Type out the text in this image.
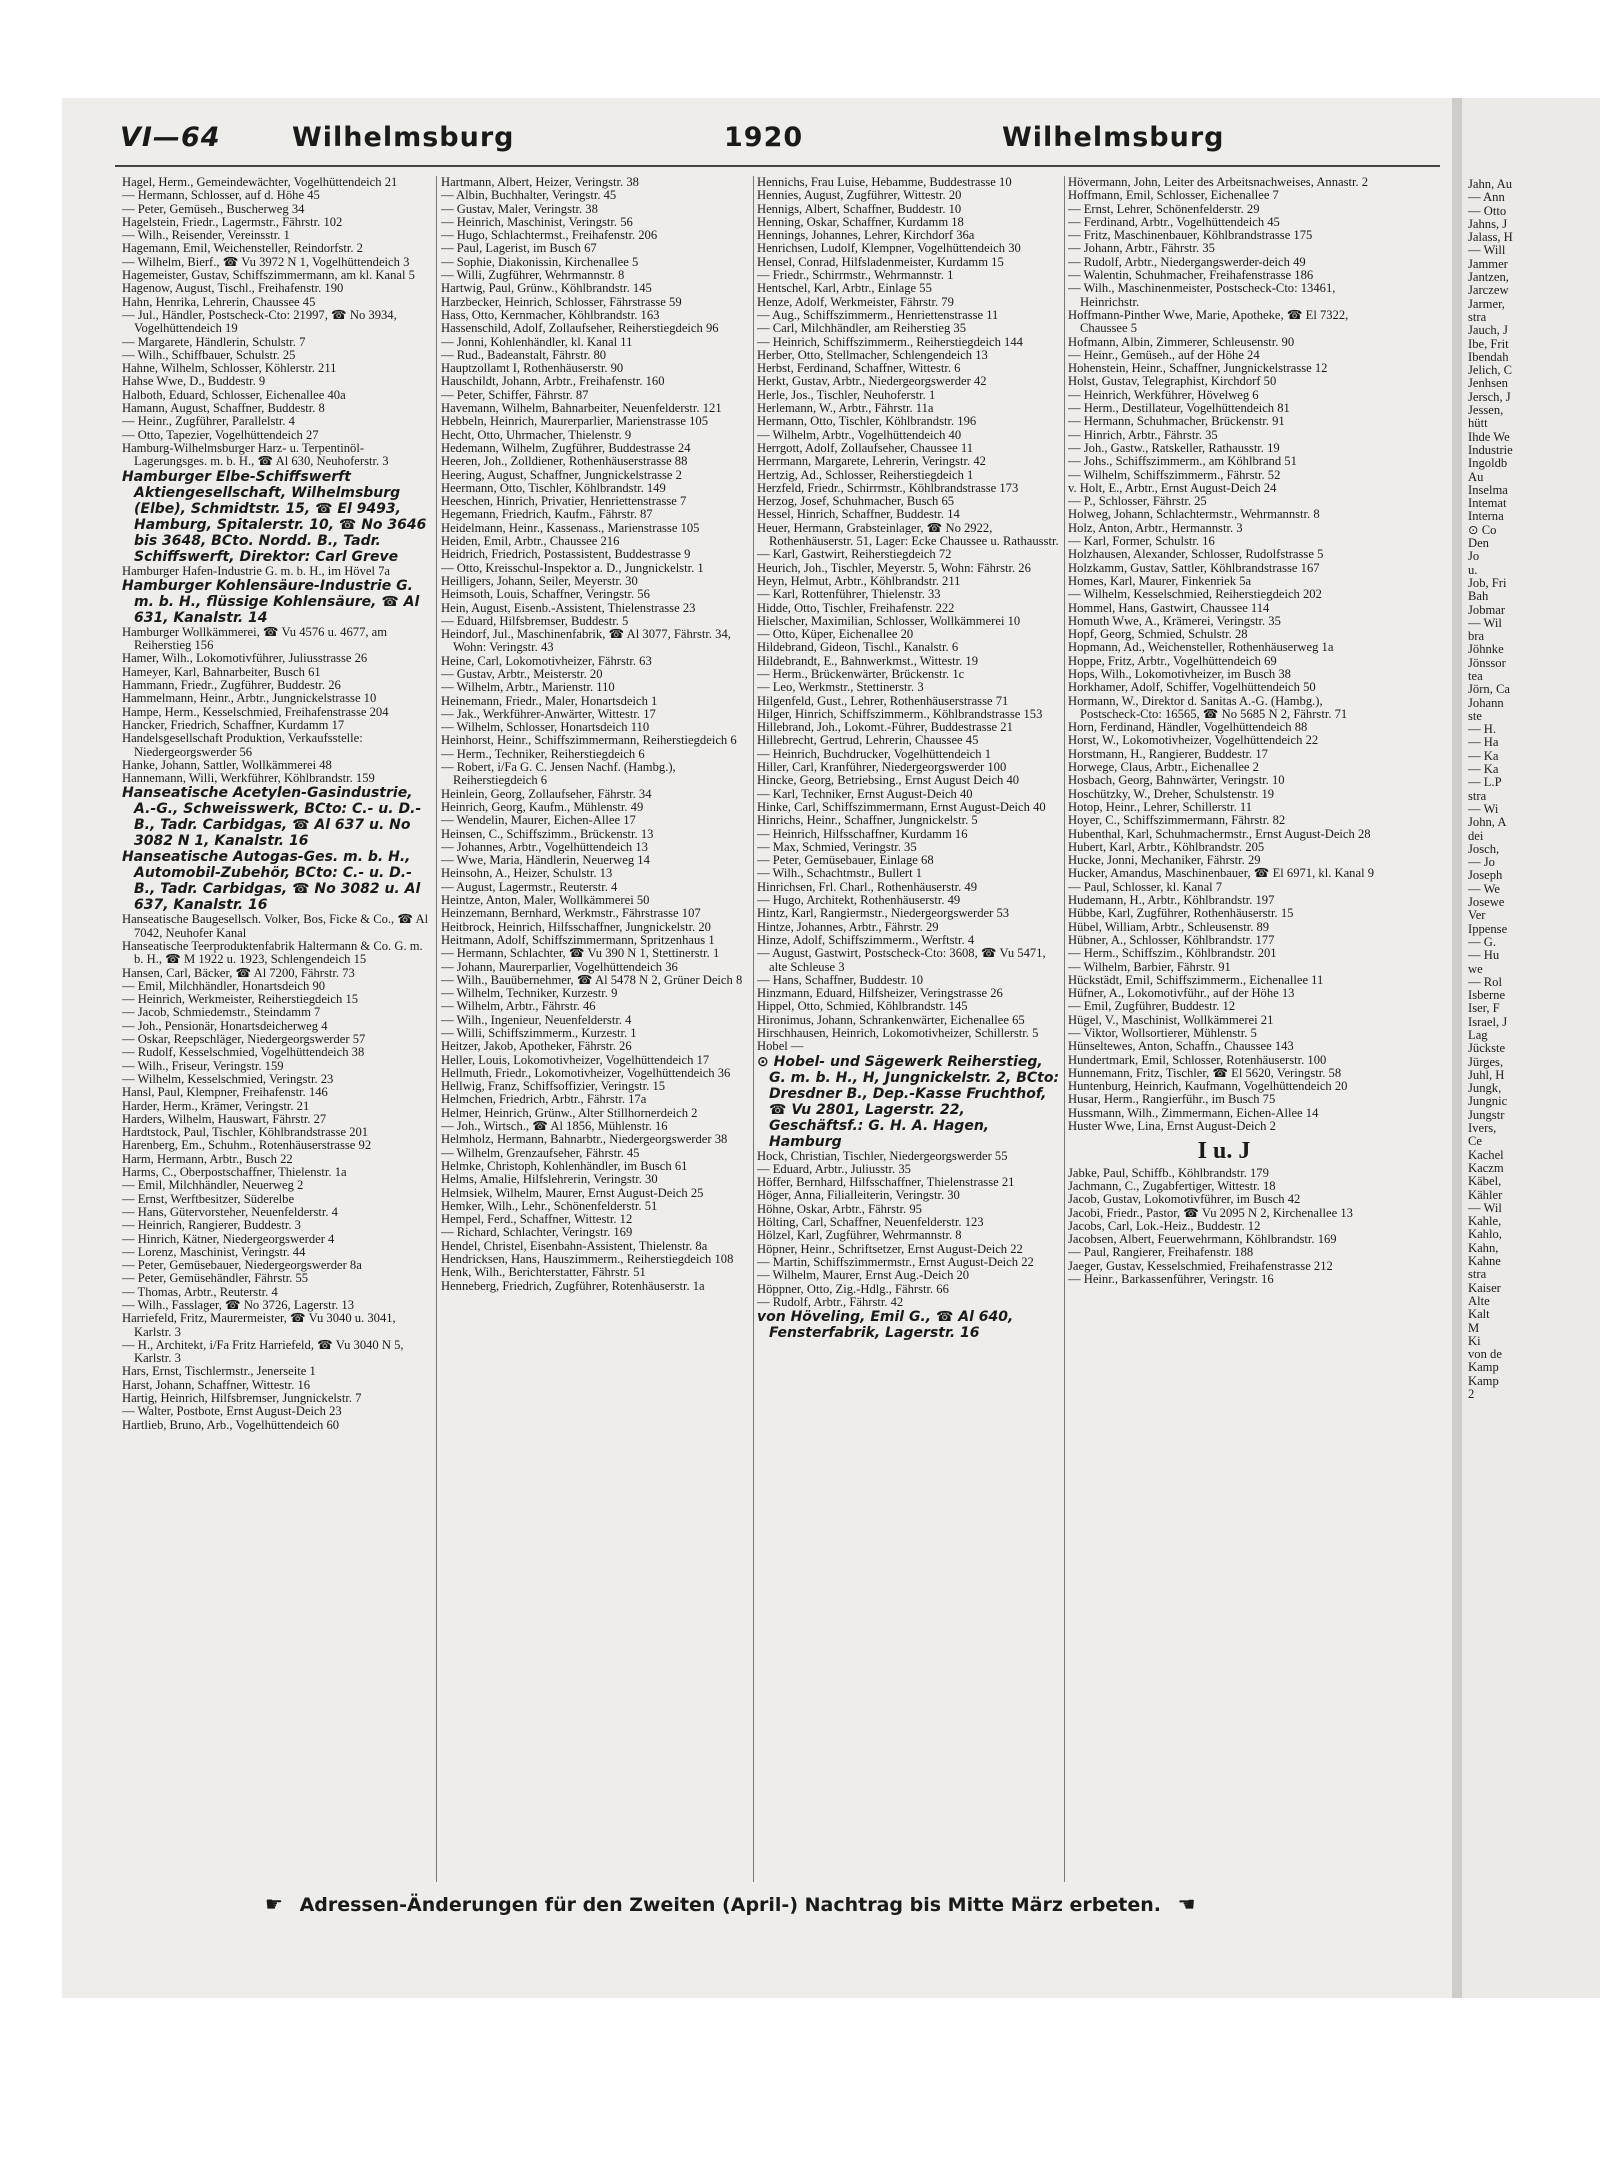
Jahn, Au
— Ann
— Otto
Jahns, J
Jalass, H
— Will
Jammer
Jantzen,
Jarczew
Jarmer,
stra
Jauch, J
Ibe, Frit
Ibendah
Jelich, C
Jenhsen
Jersch, J
Jessen,
hütt
Ihde We
Industrie
Ingoldb
Au
Inselma
Intemat
Interna
⊙ Co
Den
Jo
u.
Job, Fri
Bah
Jobmar
— Wil
bra
Jöhnke
Jönssor
tea
Jörn, Ca
Johann
ste
— H.
— Ha
— Ka
— Ka
— L.P
stra
— Wi
John, A
dei
Josch,
— Jo
Joseph
— We
Josewe
Ver
Ippense
— G.
— Hu
we
— Rol
Isberne
Iser, F
Israel, J
Lag
Jückste
Jürges,
Juhl, H
Jungk,
Jungnic
Jungstr
Ivers,
Ce
Kachel
Kaczm
Käbel,
Kähler
— Wil
Kahle,
Kahlo,
Kahn,
Kahne
stra
Kaiser
Alte
Kalt
M
Ki
von de
Kamp
Kamp
2
VI—64	Wilhelmsburg	1920	Wilhelmsburg
Hagel, Herm., Gemeindewächter, Vogelhüttendeich 21
— Hermann, Schlosser, auf d. Höhe 45
— Peter, Gemüseh., Buscherweg 34
Hagelstein, Friedr., Lagermstr., Fährstr. 102
— Wilh., Reisender, Vereinsstr. 1
Hagemann, Emil, Weichensteller, Reindorfstr. 2
— Wilhelm, Bierf., ☎ Vu 3972 N 1, Vogelhüttendeich 3
Hagemeister, Gustav, Schiffszimmermann, am kl. Kanal 5
Hagenow, August, Tischl., Freihafenstr. 190
Hahn, Henrika, Lehrerin, Chaussee 45
— Jul., Händler, Postscheck-Cto: 21997, ☎ No 3934, Vogelhüttendeich 19
— Margarete, Händlerin, Schulstr. 7
— Wilh., Schiffbauer, Schulstr. 25
Hahne, Wilhelm, Schlosser, Köhlerstr. 211
Hahse Wwe, D., Buddestr. 9
Halboth, Eduard, Schlosser, Eichenallee 40a
Hamann, August, Schaffner, Buddestr. 8
— Heinr., Zugführer, Parallelstr. 4
— Otto, Tapezier, Vogelhüttendeich 27
Hamburg-Wilhelmsburger Harz- u. Terpentinöl-Lagerungsges. m. b. H., ☎ Al 630, Neuhoferstr. 3
Hamburger Elbe-Schiffswerft Aktiengesellschaft, Wilhelmsburg (Elbe), Schmidtstr. 15, ☎ El 9493, Hamburg, Spitalerstr. 10, ☎ No 3646 bis 3648, BCto. Nordd. B., Tadr. Schiffswerft, Direktor: Carl Greve
Hamburger Hafen-Industrie G. m. b. H., im Hövel 7a
Hamburger Kohlensäure-Industrie G. m. b. H., flüssige Kohlensäure, ☎ Al 631, Kanalstr. 14
Hamburger Wollkämmerei, ☎ Vu 4576 u. 4677, am Reiherstieg 156
Hamer, Wilh., Lokomotivführer, Juliusstrasse 26
Hameyer, Karl, Bahnarbeiter, Busch 61
Hammann, Friedr., Zugführer, Buddestr. 26
Hammelmann, Heinr., Arbtr., Jungnickelstrasse 10
Hampe, Herm., Kesselschmied, Freihafenstrasse 204
Hancker, Friedrich, Schaffner, Kurdamm 17
Handelsgesellschaft Produktion, Verkaufsstelle: Niedergeorgswerder 56
Hanke, Johann, Sattler, Wollkämmerei 48
Hannemann, Willi, Werkführer, Köhlbrandstr. 159
Hanseatische Acetylen-Gasindustrie, A.-G., Schweisswerk, BCto: C.- u. D.-B., Tadr. Carbidgas, ☎ Al 637 u. No 3082 N 1, Kanalstr. 16
Hanseatische Autogas-Ges. m. b. H., Automobil-Zubehör, BCto: C.- u. D.-B., Tadr. Carbidgas, ☎ No 3082 u. Al 637, Kanalstr. 16
Hanseatische Baugesellsch. Volker, Bos, Ficke & Co., ☎ Al 7042, Neuhofer Kanal
Hanseatische Teerproduktenfabrik Haltermann & Co. G. m. b. H., ☎ M 1922 u. 1923, Schlengendeich 15
Hansen, Carl, Bäcker, ☎ Al 7200, Fährstr. 73
— Emil, Milchhändler, Honartsdeich 90
— Heinrich, Werkmeister, Reiherstiegdeich 15
— Jacob, Schmiedemstr., Steindamm 7
— Joh., Pensionär, Honartsdeicherweg 4
— Oskar, Reepschläger, Niedergeorgswerder 57
— Rudolf, Kesselschmied, Vogelhüttendeich 38
— Wilh., Friseur, Veringstr. 159
— Wilhelm, Kesselschmied, Veringstr. 23
Hansl, Paul, Klempner, Freihafenstr. 146
Harder, Herm., Krämer, Veringstr. 21
Harders, Wilhelm, Hauswart, Fährstr. 27
Hardtstock, Paul, Tischler, Köhlbrandstrasse 201
Harenberg, Em., Schuhm., Rotenhäuserstrasse 92
Harm, Hermann, Arbtr., Busch 22
Harms, C., Oberpostschaffner, Thielenstr. 1a
— Emil, Milchhändler, Neuerweg 2
— Ernst, Werftbesitzer, Süderelbe
— Hans, Gütervorsteher, Neuenfelderstr. 4
— Heinrich, Rangierer, Buddestr. 3
— Hinrich, Kätner, Niedergeorgswerder 4
— Lorenz, Maschinist, Veringstr. 44
— Peter, Gemüsebauer, Niedergeorgswerder 8a
— Peter, Gemüsehändler, Fährstr. 55
— Thomas, Arbtr., Reuterstr. 4
— Wilh., Fasslager, ☎ No 3726, Lagerstr. 13
Harriefeld, Fritz, Maurermeister, ☎ Vu 3040 u. 3041, Karlstr. 3
— H., Architekt, i/Fa Fritz Harriefeld, ☎ Vu 3040 N 5, Karlstr. 3
Hars, Ernst, Tischlermstr., Jenerseite 1
Harst, Johann, Schaffner, Wittestr. 16
Hartig, Heinrich, Hilfsbremser, Jungnickelstr. 7
— Walter, Postbote, Ernst August-Deich 23
Hartlieb, Bruno, Arb., Vogelhüttendeich 60
Hartmann, Albert, Heizer, Veringstr. 38
— Albin, Buchhalter, Veringstr. 45
— Gustav, Maler, Veringstr. 38
— Heinrich, Maschinist, Veringstr. 56
— Hugo, Schlachtermst., Freihafenstr. 206
— Paul, Lagerist, im Busch 67
— Sophie, Diakonissin, Kirchenallee 5
— Willi, Zugführer, Wehrmannstr. 8
Hartwig, Paul, Grünw., Köhlbrandstr. 145
Harzbecker, Heinrich, Schlosser, Fährstrasse 59
Hass, Otto, Kernmacher, Köhlbrandstr. 163
Hassenschild, Adolf, Zollaufseher, Reiherstiegdeich 96
— Jonni, Kohlenhändler, kl. Kanal 11
— Rud., Badeanstalt, Fährstr. 80
Hauptzollamt I, Rothenhäuserstr. 90
Hauschildt, Johann, Arbtr., Freihafenstr. 160
— Peter, Schiffer, Fährstr. 87
Havemann, Wilhelm, Bahnarbeiter, Neuenfelderstr. 121
Hebbeln, Heinrich, Maurerparlier, Marienstrasse 105
Hecht, Otto, Uhrmacher, Thielenstr. 9
Hedemann, Wilhelm, Zugführer, Buddestrasse 24
Heeren, Joh., Zolldiener, Rothenhäuserstrasse 88
Heering, August, Schaffner, Jungnickelstrasse 2
Heermann, Otto, Tischler, Köhlbrandstr. 149
Heeschen, Hinrich, Privatier, Henriettenstrasse 7
Hegemann, Friedrich, Kaufm., Fährstr. 87
Heidelmann, Heinr., Kassenass., Marienstrasse 105
Heiden, Emil, Arbtr., Chaussee 216
Heidrich, Friedrich, Postassistent, Buddestrasse 9
— Otto, Kreisschul-Inspektor a. D., Jungnickelstr. 1
Heilligers, Johann, Seiler, Meyerstr. 30
Heimsoth, Louis, Schaffner, Veringstr. 56
Hein, August, Eisenb.-Assistent, Thielenstrasse 23
— Eduard, Hilfsbremser, Buddestr. 5
Heindorf, Jul., Maschinenfabrik, ☎ Al 3077, Fährstr. 34, Wohn: Veringstr. 43
Heine, Carl, Lokomotivheizer, Fährstr. 63
— Gustav, Arbtr., Meisterstr. 20
— Wilhelm, Arbtr., Marienstr. 110
Heinemann, Friedr., Maler, Honartsdeich 1
— Jak., Werkführer-Anwärter, Wittestr. 17
— Wilhelm, Schlosser, Honartsdeich 110
Heinhorst, Heinr., Schiffszimmermann, Reiherstiegdeich 6
— Herm., Techniker, Reiherstiegdeich 6
— Robert, i/Fa G. C. Jensen Nachf. (Hambg.), Reiherstiegdeich 6
Heinlein, Georg, Zollaufseher, Fährstr. 34
Heinrich, Georg, Kaufm., Mühlenstr. 49
— Wendelin, Maurer, Eichen-Allee 17
Heinsen, C., Schiffszimm., Brückenstr. 13
— Johannes, Arbtr., Vogelhüttendeich 13
— Wwe, Maria, Händlerin, Neuerweg 14
Heinsohn, A., Heizer, Schulstr. 13
— August, Lagermstr., Reuterstr. 4
Heintze, Anton, Maler, Wollkämmerei 50
Heinzemann, Bernhard, Werkmstr., Fährstrasse 107
Heitbrock, Heinrich, Hilfsschaffner, Jungnickelstr. 20
Heitmann, Adolf, Schiffszimmermann, Spritzenhaus 1
— Hermann, Schlachter, ☎ Vu 390 N 1, Stettinerstr. 1
— Johann, Maurerparlier, Vogelhüttendeich 36
— Wilh., Bauübernehmer, ☎ Al 5478 N 2, Grüner Deich 8
— Wilhelm, Techniker, Kurzestr. 9
— Wilhelm, Arbtr., Fährstr. 46
— Wilh., Ingenieur, Neuenfelderstr. 4
— Willi, Schiffszimmerm., Kurzestr. 1
Heitzer, Jakob, Apotheker, Fährstr. 26
Heller, Louis, Lokomotivheizer, Vogelhüttendeich 17
Hellmuth, Friedr., Lokomotivheizer, Vogelhüttendeich 36
Hellwig, Franz, Schiffsoffizier, Veringstr. 15
Helmchen, Friedrich, Arbtr., Fährstr. 17a
Helmer, Heinrich, Grünw., Alter Stillhornerdeich 2
— Joh., Wirtsch., ☎ Al 1856, Mühlenstr. 16
Helmholz, Hermann, Bahnarbtr., Niedergeorgswerder 38
— Wilhelm, Grenzaufseher, Fährstr. 45
Helmke, Christoph, Kohlenhändler, im Busch 61
Helms, Amalie, Hilfslehrerin, Veringstr. 30
Helmsiek, Wilhelm, Maurer, Ernst August-Deich 25
Hemker, Wilh., Lehr., Schönenfelderstr. 51
Hempel, Ferd., Schaffner, Wittestr. 12
— Richard, Schlachter, Veringstr. 169
Hendel, Christel, Eisenbahn-Assistent, Thielenstr. 8a
Hendricksen, Hans, Hauszimmerm., Reiherstiegdeich 108
Henk, Wilh., Berichterstatter, Fährstr. 51
Henneberg, Friedrich, Zugführer, Rotenhäuserstr. 1a
Hennichs, Frau Luise, Hebamme, Buddestrasse 10
Hennies, August, Zugführer, Wittestr. 20
Hennigs, Albert, Schaffner, Buddestr. 10
Henning, Oskar, Schaffner, Kurdamm 18
Hennings, Johannes, Lehrer, Kirchdorf 36a
Henrichsen, Ludolf, Klempner, Vogelhüttendeich 30
Hensel, Conrad, Hilfsladenmeister, Kurdamm 15
— Friedr., Schirrmstr., Wehrmannstr. 1
Hentschel, Karl, Arbtr., Einlage 55
Henze, Adolf, Werkmeister, Fährstr. 79
— Aug., Schiffszimmerm., Henriettenstrasse 11
— Carl, Milchhändler, am Reiherstieg 35
— Heinrich, Schiffszimmerm., Reiherstiegdeich 144
Herber, Otto, Stellmacher, Schlengendeich 13
Herbst, Ferdinand, Schaffner, Wittestr. 6
Herkt, Gustav, Arbtr., Niedergeorgswerder 42
Herle, Jos., Tischler, Neuhoferstr. 1
Herlemann, W., Arbtr., Fährstr. 11a
Hermann, Otto, Tischler, Köhlbrandstr. 196
— Wilhelm, Arbtr., Vogelhüttendeich 40
Herrgott, Adolf, Zollaufseher, Chaussee 11
Herrmann, Margarete, Lehrerin, Veringstr. 42
Hertzig, Ad., Schlosser, Reiherstiegdeich 1
Herzfeld, Friedr., Schirrmstr., Köhlbrandstrasse 173
Herzog, Josef, Schuhmacher, Busch 65
Hessel, Hinrich, Schaffner, Buddestr. 14
Heuer, Hermann, Grabsteinlager, ☎ No 2922, Rothenhäuserstr. 51, Lager: Ecke Chaussee u. Rathausstr.
— Karl, Gastwirt, Reiherstiegdeich 72
Heurich, Joh., Tischler, Meyerstr. 5, Wohn: Fährstr. 26
Heyn, Helmut, Arbtr., Köhlbrandstr. 211
— Karl, Rottenführer, Thielenstr. 33
Hidde, Otto, Tischler, Freihafenstr. 222
Hielscher, Maximilian, Schlosser, Wollkämmerei 10
— Otto, Küper, Eichenallee 20
Hildebrand, Gideon, Tischl., Kanalstr. 6
Hildebrandt, E., Bahnwerkmst., Wittestr. 19
— Herm., Brückenwärter, Brückenstr. 1c
— Leo, Werkmstr., Stettinerstr. 3
Hilgenfeld, Gust., Lehrer, Rothenhäuserstrasse 71
Hilger, Hinrich, Schiffszimmerm., Köhlbrandstrasse 153
Hillebrand, Joh., Lokomt.-Führer, Buddestrasse 21
Hillebrecht, Gertrud, Lehrerin, Chaussee 45
— Heinrich, Buchdrucker, Vogelhüttendeich 1
Hiller, Carl, Kranführer, Niedergeorgswerder 100
Hincke, Georg, Betriebsing., Ernst August Deich 40
— Karl, Techniker, Ernst August-Deich 40
Hinke, Carl, Schiffszimmermann, Ernst August-Deich 40
Hinrichs, Heinr., Schaffner, Jungnickelstr. 5
— Heinrich, Hilfsschaffner, Kurdamm 16
— Max, Schmied, Veringstr. 35
— Peter, Gemüsebauer, Einlage 68
— Wilh., Schachtmstr., Bullert 1
Hinrichsen, Frl. Charl., Rothenhäuserstr. 49
— Hugo, Architekt, Rothenhäuserstr. 49
Hintz, Karl, Rangiermstr., Niedergeorgswerder 53
Hintze, Johannes, Arbtr., Fährstr. 29
Hinze, Adolf, Schiffszimmerm., Werftstr. 4
— August, Gastwirt, Postscheck-Cto: 3608, ☎ Vu 5471, alte Schleuse 3
— Hans, Schaffner, Buddestr. 10
Hinzmann, Eduard, Hilfsheizer, Veringstrasse 26
Hippel, Otto, Schmied, Köhlbrandstr. 145
Hironimus, Johann, Schrankenwärter, Eichenallee 65
Hirschhausen, Heinrich, Lokomotivheizer, Schillerstr. 5
Hobel —
⊙ Hobel- und Sägewerk Reiherstieg, G. m. b. H., H, Jungnickelstr. 2, BCto: Dresdner B., Dep.-Kasse Fruchthof, ☎ Vu 2801, Lagerstr. 22, Geschäftsf.: G. H. A. Hagen, Hamburg
Hock, Christian, Tischler, Niedergeorgswerder 55
— Eduard, Arbtr., Juliusstr. 35
Höffer, Bernhard, Hilfsschaffner, Thielenstrasse 21
Höger, Anna, Filialleiterin, Veringstr. 30
Höhne, Oskar, Arbtr., Fährstr. 95
Hölting, Carl, Schaffner, Neuenfelderstr. 123
Hölzel, Karl, Zugführer, Wehrmannstr. 8
Höpner, Heinr., Schriftsetzer, Ernst August-Deich 22
— Martin, Schiffszimmermstr., Ernst August-Deich 22
— Wilhelm, Maurer, Ernst Aug.-Deich 20
Höppner, Otto, Zig.-Hdlg., Fährstr. 66
— Rudolf, Arbtr., Fährstr. 42
von Höveling, Emil G., ☎ Al 640, Fensterfabrik, Lagerstr. 16
Hövermann, John, Leiter des Arbeitsnachweises, Annastr. 2
Hoffmann, Emil, Schlosser, Eichenallee 7
— Ernst, Lehrer, Schönenfelderstr. 29
— Ferdinand, Arbtr., Vogelhüttendeich 45
— Fritz, Maschinenbauer, Köhlbrandstrasse 175
— Johann, Arbtr., Fährstr. 35
— Rudolf, Arbtr., Niedergangswerder-deich 49
— Walentin, Schuhmacher, Freihafenstrasse 186
— Wilh., Maschinenmeister, Postscheck-Cto: 13461, Heinrichstr.
Hoffmann-Pinther Wwe, Marie, Apotheke, ☎ El 7322, Chaussee 5
Hofmann, Albin, Zimmerer, Schleusenstr. 90
— Heinr., Gemüseh., auf der Höhe 24
Hohenstein, Heinr., Schaffner, Jungnickelstrasse 12
Holst, Gustav, Telegraphist, Kirchdorf 50
— Heinrich, Werkführer, Hövelweg 6
— Herm., Destillateur, Vogelhüttendeich 81
— Hermann, Schuhmacher, Brückenstr. 91
— Hinrich, Arbtr., Fährstr. 35
— Joh., Gastw., Ratskeller, Rathausstr. 19
— Johs., Schiffszimmerm., am Köhlbrand 51
— Wilhelm, Schiffszimmerm., Fährstr. 52
v. Holt, E., Arbtr., Ernst August-Deich 24
— P., Schlosser, Fährstr. 25
Holweg, Johann, Schlachtermstr., Wehrmannstr. 8
Holz, Anton, Arbtr., Hermannstr. 3
— Karl, Former, Schulstr. 16
Holzhausen, Alexander, Schlosser, Rudolfstrasse 5
Holzkamm, Gustav, Sattler, Köhlbrandstrasse 167
Homes, Karl, Maurer, Finkenriek 5a
— Wilhelm, Kesselschmied, Reiherstiegdeich 202
Hommel, Hans, Gastwirt, Chaussee 114
Homuth Wwe, A., Krämerei, Veringstr. 35
Hopf, Georg, Schmied, Schulstr. 28
Hopmann, Ad., Weichensteller, Rothenhäuserweg 1a
Hoppe, Fritz, Arbtr., Vogelhüttendeich 69
Hops, Wilh., Lokomotivheizer, im Busch 38
Horkhamer, Adolf, Schiffer, Vogelhüttendeich 50
Hormann, W., Direktor d. Sanitas A.-G. (Hambg.), Postscheck-Cto: 16565, ☎ No 5685 N 2, Fährstr. 71
Horn, Ferdinand, Händler, Vogelhüttendeich 88
Horst, W., Lokomotivheizer, Vogelhüttendeich 22
Horstmann, H., Rangierer, Buddestr. 17
Horwege, Claus, Arbtr., Eichenallee 2
Hosbach, Georg, Bahnwärter, Veringstr. 10
Hoschützky, W., Dreher, Schulstenstr. 19
Hotop, Heinr., Lehrer, Schillerstr. 11
Hoyer, C., Schiffszimmermann, Fährstr. 82
Hubenthal, Karl, Schuhmachermstr., Ernst August-Deich 28
Hubert, Karl, Arbtr., Köhlbrandstr. 205
Hucke, Jonni, Mechaniker, Fährstr. 29
Hucker, Amandus, Maschinenbauer, ☎ El 6971, kl. Kanal 9
— Paul, Schlosser, kl. Kanal 7
Hudemann, H., Arbtr., Köhlbrandstr. 197
Hübbe, Karl, Zugführer, Rothenhäuserstr. 15
Hübel, William, Arbtr., Schleusenstr. 89
Hübner, A., Schlosser, Köhlbrandstr. 177
— Herm., Schiffszim., Köhlbrandstr. 201
— Wilhelm, Barbier, Fährstr. 91
Hückstädt, Emil, Schiffszimmerm., Eichenallee 11
Hüfner, A., Lokomotivführ., auf der Höhe 13
— Emil, Zugführer, Buddestr. 12
Hügel, V., Maschinist, Wollkämmerei 21
— Viktor, Wollsortierer, Mühlenstr. 5
Hünseltewes, Anton, Schaffn., Chaussee 143
Hundertmark, Emil, Schlosser, Rotenhäuserstr. 100
Hunnemann, Fritz, Tischler, ☎ El 5620, Veringstr. 58
Huntenburg, Heinrich, Kaufmann, Vogelhüttendeich 20
Husar, Herm., Rangierführ., im Busch 75
Hussmann, Wilh., Zimmermann, Eichen-Allee 14
Huster Wwe, Lina, Ernst August-Deich 2
I u. J
Jabke, Paul, Schiffb., Köhlbrandstr. 179
Jachmann, C., Zugabfertiger, Wittestr. 18
Jacob, Gustav, Lokomotivführer, im Busch 42
Jacobi, Friedr., Pastor, ☎ Vu 2095 N 2, Kirchenallee 13
Jacobs, Carl, Lok.-Heiz., Buddestr. 12
Jacobsen, Albert, Feuerwehrmann, Köhlbrandstr. 169
— Paul, Rangierer, Freihafenstr. 188
Jaeger, Gustav, Kesselschmied, Freihafenstrasse 212
— Heinr., Barkassenführer, Veringstr. 16
☛ Adressen-Änderungen für den Zweiten (April-) Nachtrag bis Mitte März erbeten. ☚
